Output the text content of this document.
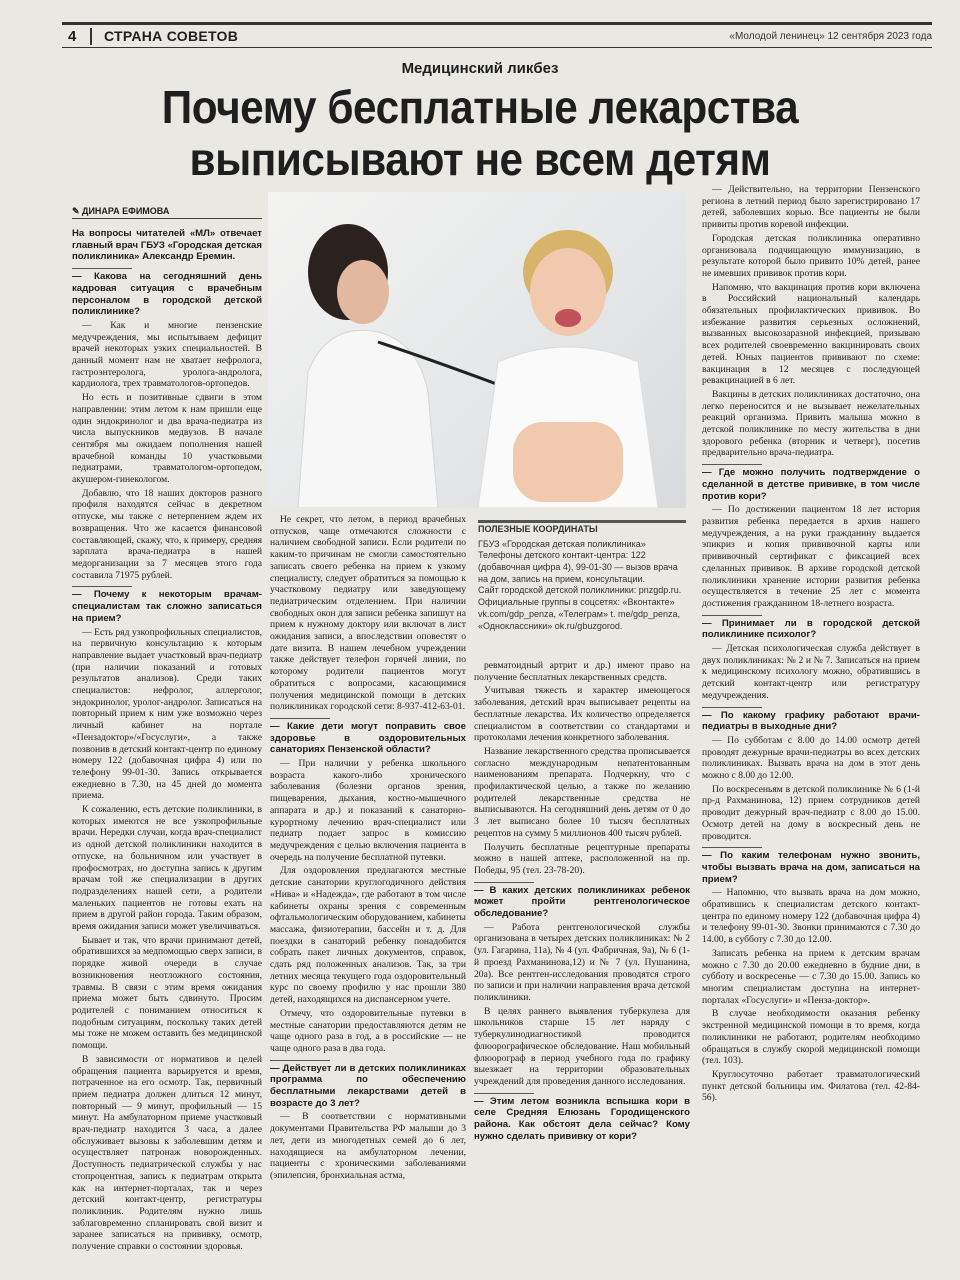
4	СТРАНА СОВЕТОВ	«Молодой ленинец» 12 сентября 2023 года
Медицинский ликбез
Почему бесплатные лекарства
выписывают не всем детям
✎ ДИНАРА ЕФИМОВА

На вопросы читателей «МЛ» отвечает главный врач ГБУЗ «Городская детская поликлиника» Александр Еремин.

— Какова на сегодняшний день кадровая ситуация с врачебным персоналом в городской детской поликлинике?

— Как и многие пензенские медучреждения, мы испытываем дефицит врачей некоторых узких специальностей. В данный момент нам не хватает нефролога, гастроэнтеролога, уролога-андролога, кардиолога, трех травматологов-ортопедов.

Но есть и позитивные сдвиги в этом направлении: этим летом к нам пришли еще один эндокринолог и два врача-педиатра из числа выпускников медвузов. В начале сентября мы ожидаем пополнения нашей врачебной команды 10 участковыми педиатрами, травматологом-ортопедом, акушером-гинекологом.

Добавлю, что 18 наших докторов разного профиля находятся сейчас в декретном отпуске, мы также с нетерпением ждем их возвращения. Что же касается финансовой составляющей, скажу, что, к примеру, средняя зарплата врача-педиатра в нашей медорганизации за 7 месяцев этого года составила 71975 рублей.

— Почему к некоторым врачам-специалистам так сложно записаться на прием?

— Есть ряд узкопрофильных специалистов, на первичную консультацию к которым направление выдает участковый врач-педиатр (при наличии показаний и готовых результатов анализов). Среди таких специалистов: нефролог, аллерголог, эндокринолог, уролог-андролог. Записаться на повторный прием к ним уже возможно через личный кабинет на портале «Пензадоктор»/«Госуслуги», а также позвонив в детский контакт-центр по единому номеру 122 (добавочная цифра 4) или по телефону 99-01-30. Запись открывается ежедневно в 7.30, на 45 дней до момента приема.

К сожалению, есть детские поликлиники, в которых имеются не все узкопрофильные врачи. Нередки случаи, когда врач-специалист из одной детской поликлиники находится в отпуске, на больничном или участвует в профосмотрах, но доступна запись к другим врачам той же специализации в других подразделениях нашей сети, а родители маленьких пациентов не готовы ехать на прием в другой район города. Таким образом, время ожидания записи может увеличиваться.

Бывает и так, что врачи принимают детей, обратившихся за медпомощью сверх записи, в порядке живой очереди в случае возникновения неотложного состояния, травмы. В связи с этим время ожидания приема может быть сдвинуто. Просим родителей с пониманием относиться к подобным ситуациям, поскольку таких детей мы тоже не можем оставить без медицинской помощи.

В зависимости от нормативов и целей обращения пациента варьируется и время, потраченное на его осмотр. Так, первичный прием педиатра должен длиться 12 минут, повторный — 9 минут, профильный — 15 минут. На амбулаторном приеме участковый врач-педиатр находится 3 часа, а далее обслуживает вызовы к заболевшим детям и осуществляет патронаж новорожденных. Доступность педиатрической службы у нас стопроцентная, запись к педиатрам открыта как на интернет-порталах, так и через детский контакт-центр, регистратуры поликлиник. Родителям нужно лишь заблаговременно спланировать свой визит и заранее записаться на прививку, осмотр, получение справки о состоянии здоровья.

Не секрет, что летом, в период врачебных отпусков, чаще отмечаются сложности с наличием свободной записи. Если родители по каким-то причинам не смогли самостоятельно записать своего ребенка на прием к узкому специалисту, следует обратиться за помощью к участковому педиатру или заведующему педиатрическим отделением. При наличии свободных окон для записи ребенка запишут на прием к нужному доктору или включат в лист ожидания записи, а впоследствии оповестят о дате визита. В нашем лечебном учреждении также действует телефон горячей линии, по которому родители пациентов могут обратиться с вопросами, касающимися получения медицинской помощи в детских поликлиниках городской сети: 8-937-412-63-01.

— Какие дети могут поправить свое здоровье в оздоровительных санаториях Пензенской области?

— При наличии у ребенка школьного возраста какого-либо хронического заболевания (болезни органов зрения, пищеварения, дыхания, костно-мышечного аппарата и др.) и показаний к санаторно-курортному лечению врач-специалист или педиатр подает запрос в комиссию медучреждения с целью включения пациента в очередь на получение бесплатной путевки.

Для оздоровления предлагаются местные детские санатории круглогодичного действия «Нива» и «Надежда», где работают в том числе кабинеты охраны зрения с современным офтальмологическим оборудованием, кабинеты массажа, физиотерапии, бассейн и т. д. Для поездки в санаторий ребенку понадобится собрать пакет личных документов, справок, сдать ряд положенных анализов. Так, за три летних месяца текущего года оздоровительный курс по своему профилю у нас прошли 380 детей, находящихся на диспансерном учете.

Отмечу, что оздоровительные путевки в местные санатории предоставляются детям не чаще одного раза в год, а в российские — не чаще одного раза в два года.

— Действует ли в детских поликлиниках программа по обеспечению бесплатными лекарствами детей в возрасте до 3 лет?

— В соответствии с нормативными документами Правительства РФ малыши до 3 лет, дети из многодетных семей до 6 лет, находящиеся на амбулаторном лечении, пациенты с хроническими заболеваниями (эпилепсия, бронхиальная астма,

ПОЛЕЗНЫЕ КООРДИНАТЫ
ГБУЗ «Городская детская поликлиника»
Телефоны детского контакт-центра: 122 (добавочная цифра 4), 99-01-30 — вызов врача на дом, запись на прием, консультации.
Сайт городской детской поликлиники: pnzgdp.ru.
Официальные группы в соцсетях: «Вконтакте» vk.com/gdp_penza, «Телеграм» t. me/gdp_penza, «Одноклассники» ok.ru/gbuzgorod.

ревматоидный артрит и др.) имеют право на получение бесплатных лекарственных средств.

Учитывая тяжесть и характер имеющегося заболевания, детский врач выписывает рецепты на бесплатные лекарства. Их количество определяется специалистом в соответствии со стандартами и протоколами лечения конкретного заболевания.

Название лекарственного средства прописывается согласно международным непатентованным наименованиям препарата. Подчеркну, что с профилактической целью, а также по желанию родителей лекарственные средства не выписываются. На сегодняшний день детям от 0 до 3 лет выписано более 10 тысяч бесплатных рецептов на сумму 5 миллионов 400 тысяч рублей.

Получить бесплатные рецептурные препараты можно в нашей аптеке, расположенной на пр. Победы, 95 (тел. 23-78-20).

— В каких детских поликлиниках ребенок может пройти рентгенологическое обследование?

— Работа рентгенологической службы организована в четырех детских поликлиниках: № 2 (ул. Гагарина, 11а), № 4 (ул. Фабричная, 9а), № 6 (1-й проезд Рахманинова,12) и № 7 (ул. Пушанина, 20а). Все рентген-исследования проводятся строго по записи и при наличии направления врача детской поликлиники.

В целях раннего выявления туберкулеза для школьников старше 15 лет наряду с туберкулинодиагностикой проводится флюорографическое обследование. Наш мобильный флюорограф в период учебного года по графику выезжает на территории образовательных учреждений для проведения данного исследования.

— Этим летом возникла вспышка кори в селе Средняя Елюзань Городищенского района. Как обстоят дела сейчас? Кому нужно сделать прививку от кори?

— Действительно, на территории Пензенского региона в летний период было зарегистрировано 17 детей, заболевших корью. Все пациенты не были привиты против коревой инфекции.

Городская детская поликлиника оперативно организовала подчищающую иммунизацию, в результате которой было привито 10% детей, ранее не имевших прививок против кори.

Напомню, что вакцинация против кори включена в Российский национальный календарь обязательных профилактических прививок. Во избежание развития серьезных осложнений, вызванных высокозаразной инфекцией, призываю всех родителей своевременно вакцинировать своих детей. Юных пациентов прививают по схеме: вакцинация в 12 месяцев с последующей ревакцинацией в 6 лет.

Вакцины в детских поликлиниках достаточно, она легко переносится и не вызывает нежелательных реакций организма. Привить малыша можно в детской поликлинике по месту жительства в дни здорового ребенка (вторник и четверг), посетив предварительно врача-педиатра.

— Где можно получить подтверждение о сделанной в детстве прививке, в том числе против кори?

— По достижении пациентом 18 лет история развития ребенка передается в архив нашего медучреждения, а на руки гражданину выдается эпикриз и копия прививочной карты или прививочный сертификат с фиксацией всех сделанных прививок. В архиве городской детской поликлиники хранение истории развития ребенка осуществляется в течение 25 лет с момента достижения гражданином 18-летнего возраста.

— Принимает ли в городской детской поликлинике психолог?

— Детская психологическая служба действует в двух поликлиниках: № 2 и № 7. Записаться на прием к медицинскому психологу можно, обратившись в детский контакт-центр или регистратуру медучреждения.

— По какому графику работают врачи-педиатры в выходные дни?

— По субботам с 8.00 до 14.00 осмотр детей проводят дежурные врачи-педиатры во всех детских поликлиниках. Вызвать врача на дом в этот день можно с 8.00 до 12.00.

По воскресеньям в детской поликлинике № 6 (1-й пр-д Рахманинова, 12) прием сотрудников детей проводит дежурный врач-педиатр с 8.00 до 15.00. Осмотр детей на дому в воскресный день не проводится.

— По каким телефонам нужно звонить, чтобы вызвать врача на дом, записаться на прием?

— Напомню, что вызвать врача на дом можно, обратившись к специалистам детского контакт-центра по единому номеру 122 (добавочная цифра 4) и телефону 99-01-30. Звонки принимаются с 7.30 до 14.00, в субботу с 7.30 до 12.00.

Записать ребенка на прием к детским врачам можно с 7.30 до 20.00 ежедневно в будние дни, в субботу и воскресенье — с 7.30 до 15.00. Запись ко многим специалистам доступна на интернет-порталах «Госуслуги» и «Пенза-доктор».

В случае необходимости оказания ребенку экстренной медицинской помощи в то время, когда поликлиники не работают, родителям необходимо обращаться в службу скорой медицинской помощи (тел. 103).

Круглосуточно работает травматологический пункт детской больницы им. Филатова (тел. 42-84-56).
